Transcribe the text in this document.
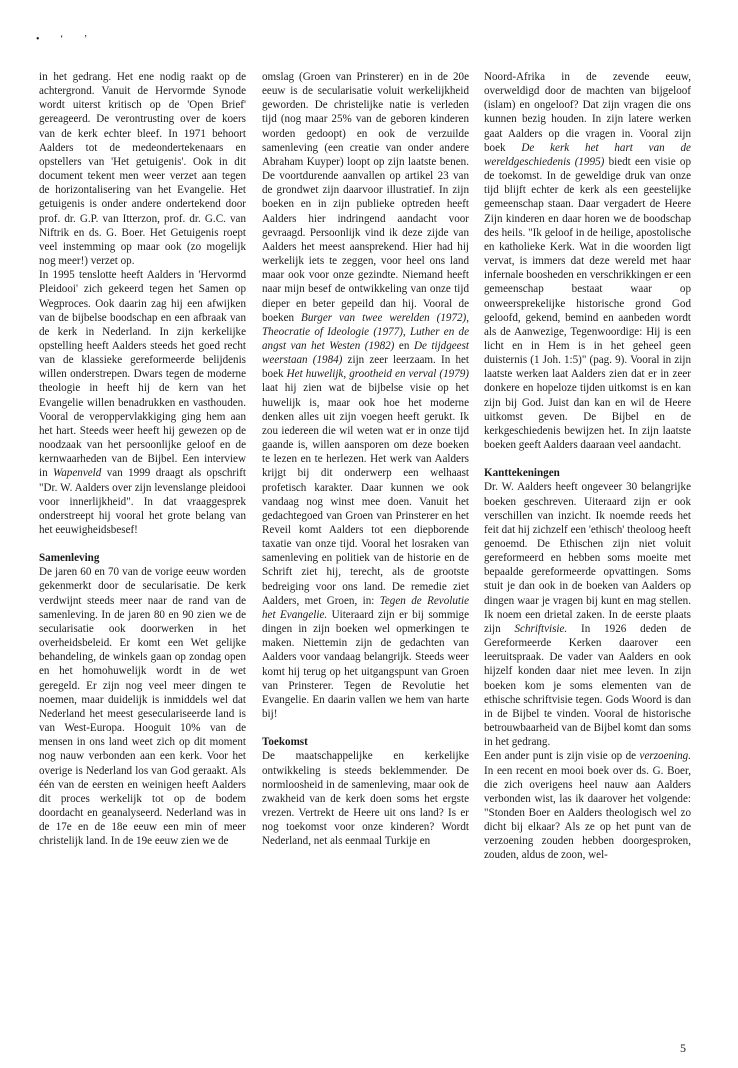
• ‘ ’

in het gedrang. Het ene nodig raakt op de achtergrond. Vanuit de Hervormde Synode wordt uiterst kritisch op de 'Open Brief' gereageerd. De verontrusting over de koers van de kerk echter bleef. In 1971 behoort Aalders tot de medeondertekenaars en opstellers van 'Het getuigenis'. Ook in dit document tekent men weer verzet aan tegen de horizontalisering van het Evangelie. Het getuigenis is onder andere ondertekend door prof. dr. G.P. van Itterzon, prof. dr. G.C. van Niftrik en ds. G. Boer. Het Getuigenis roept veel instemming op maar ook (zo mogelijk nog meer!) verzet op.

In 1995 tenslotte heeft Aalders in 'Hervormd Pleidooi' zich gekeerd tegen het Samen op Wegproces. Ook daarin zag hij een afwijken van de bijbelse boodschap en een afbraak van de kerk in Nederland. In zijn kerkelijke opstelling heeft Aalders steeds het goed recht van de klassieke gereformeerde belijdenis willen onderstrepen. Dwars tegen de moderne theologie in heeft hij de kern van het Evangelie willen benadrukken en vasthouden. Vooral de veroppervlakkiging ging hem aan het hart. Steeds weer heeft hij gewezen op de noodzaak van het persoonlijke geloof en de kernwaarheden van de Bijbel. Een interview in Wapenveld van 1999 draagt als opschrift "Dr. W. Aalders over zijn levenslange pleidooi voor innerlijkheid". In dat vraaggesprek onderstreept hij vooral het grote belang van het eeuwigheidsbesef!

Samenleving

De jaren 60 en 70 van de vorige eeuw worden gekenmerkt door de secularisatie. De kerk verdwijnt steeds meer naar de rand van de samenleving. In de jaren 80 en 90 zien we de secularisatie ook doorwerken in het overheidsbeleid. Er komt een Wet gelijke behandeling, de winkels gaan op zondag open en het homohuwelijk wordt in de wet geregeld. Er zijn nog veel meer dingen te noemen, maar duidelijk is inmiddels wel dat Nederland het meest geseculariseerde land is van West-Europa. Hooguit 10% van de mensen in ons land weet zich op dit moment nog nauw verbonden aan een kerk. Voor het overige is Nederland los van God geraakt. Als één van de eersten en weinigen heeft Aalders dit proces werkelijk tot op de bodem doordacht en geanalyseerd. Nederland was in de 17e en de 18e eeuw een min of meer christelijk land. In de 19e eeuw zien we de

omslag (Groen van Prinsterer) en in de 20e eeuw is de secularisatie voluit werkelijkheid geworden. De christelijke natie is verleden tijd (nog maar 25% van de geboren kinderen worden gedoopt) en ook de verzuilde samenleving (een creatie van onder andere Abraham Kuyper) loopt op zijn laatste benen. De voortdurende aanvallen op artikel 23 van de grondwet zijn daarvoor illustratief. In zijn boeken en in zijn publieke optreden heeft Aalders hier indringend aandacht voor gevraagd. Persoonlijk vind ik deze zijde van Aalders het meest aansprekend. Hier had hij werkelijk iets te zeggen, voor heel ons land maar ook voor onze gezindte. Niemand heeft naar mijn besef de ontwikkeling van onze tijd dieper en beter gepeild dan hij. Vooral de boeken Burger van twee werelden (1972), Theocratie of Ideologie (1977), Luther en de angst van het Westen (1982) en De tijdgeest weerstaan (1984) zijn zeer leerzaam. In het boek Het huwelijk, grootheid en verval (1979) laat hij zien wat de bijbelse visie op het huwelijk is, maar ook hoe het moderne denken alles uit zijn voegen heeft gerukt. Ik zou iedereen die wil weten wat er in onze tijd gaande is, willen aansporen om deze boeken te lezen en te herlezen. Het werk van Aalders krijgt bij dit onderwerp een welhaast profetisch karakter. Daar kunnen we ook vandaag nog winst mee doen. Vanuit het gedachtegoed van Groen van Prinsterer en het Reveil komt Aalders tot een diepborende taxatie van onze tijd. Vooral het losraken van samenleving en politiek van de historie en de Schrift ziet hij, terecht, als de grootste bedreiging voor ons land. De remedie ziet Aalders, met Groen, in: Tegen de Revolutie het Evangelie. Uiteraard zijn er bij sommige dingen in zijn boeken wel opmerkingen te maken. Niettemin zijn de gedachten van Aalders voor vandaag belangrijk. Steeds weer komt hij terug op het uitgangspunt van Groen van Prinsterer. Tegen de Revolutie het Evangelie. En daarin vallen we hem van harte bij!

Toekomst

De maatschappelijke en kerkelijke ontwikkeling is steeds beklemmender. De normloosheid in de samenleving, maar ook de zwakheid van de kerk doen soms het ergste vrezen. Vertrekt de Heere uit ons land? Is er nog toekomst voor onze kinderen? Wordt Nederland, net als eenmaal Turkije en

Noord-Afrika in de zevende eeuw, overweldigd door de machten van bijgeloof (islam) en ongeloof? Dat zijn vragen die ons kunnen bezig houden. In zijn latere werken gaat Aalders op die vragen in. Vooral zijn boek De kerk het hart van de wereldgeschiedenis (1995) biedt een visie op de toekomst. In de geweldige druk van onze tijd blijft echter de kerk als een geestelijke gemeenschap staan. Daar vergadert de Heere Zijn kinderen en daar horen we de boodschap des heils. "Ik geloof in de heilige, apostolische en katholieke Kerk. Wat in die woorden ligt vervat, is immers dat deze wereld met haar infernale boosheden en verschrikkingen er een gemeenschap bestaat waar op onweersprekelijke historische grond God geloofd, gekend, bemind en aanbeden wordt als de Aanwezige, Tegenwoordige: Hij is een licht en in Hem is in het geheel geen duisternis (1 Joh. 1:5)" (pag. 9). Vooral in zijn laatste werken laat Aalders zien dat er in zeer donkere en hopeloze tijden uitkomst is en kan zijn bij God. Juist dan kan en wil de Heere uitkomst geven. De Bijbel en de kerkgeschiedenis bewijzen het. In zijn laatste boeken geeft Aalders daaraan veel aandacht.

Kanttekeningen

Dr. W. Aalders heeft ongeveer 30 belangrijke boeken geschreven. Uiteraard zijn er ook verschillen van inzicht. Ik noemde reeds het feit dat hij zichzelf een 'ethisch' theoloog heeft genoemd. De Ethischen zijn niet voluit gereformeerd en hebben soms moeite met bepaalde gereformeerde opvattingen. Soms stuit je dan ook in de boeken van Aalders op dingen waar je vragen bij kunt en mag stellen. Ik noem een drietal zaken. In de eerste plaats zijn Schriftvisie. In 1926 deden de Gereformeerde Kerken daarover een leeruitspraak. De vader van Aalders en ook hijzelf konden daar niet mee leven. In zijn boeken kom je soms elementen van de ethische schriftvisie tegen. Gods Woord is dan in de Bijbel te vinden. Vooral de historische betrouwbaarheid van de Bijbel komt dan soms in het gedrang.

Een ander punt is zijn visie op de verzoening. In een recent en mooi boek over ds. G. Boer, die zich overigens heel nauw aan Aalders verbonden wist, las ik daarover het volgende: "Stonden Boer en Aalders theologisch wel zo dicht bij elkaar? Als ze op het punt van de verzoening zouden hebben doorgesproken, zouden, aldus de zoon, wel-

5
